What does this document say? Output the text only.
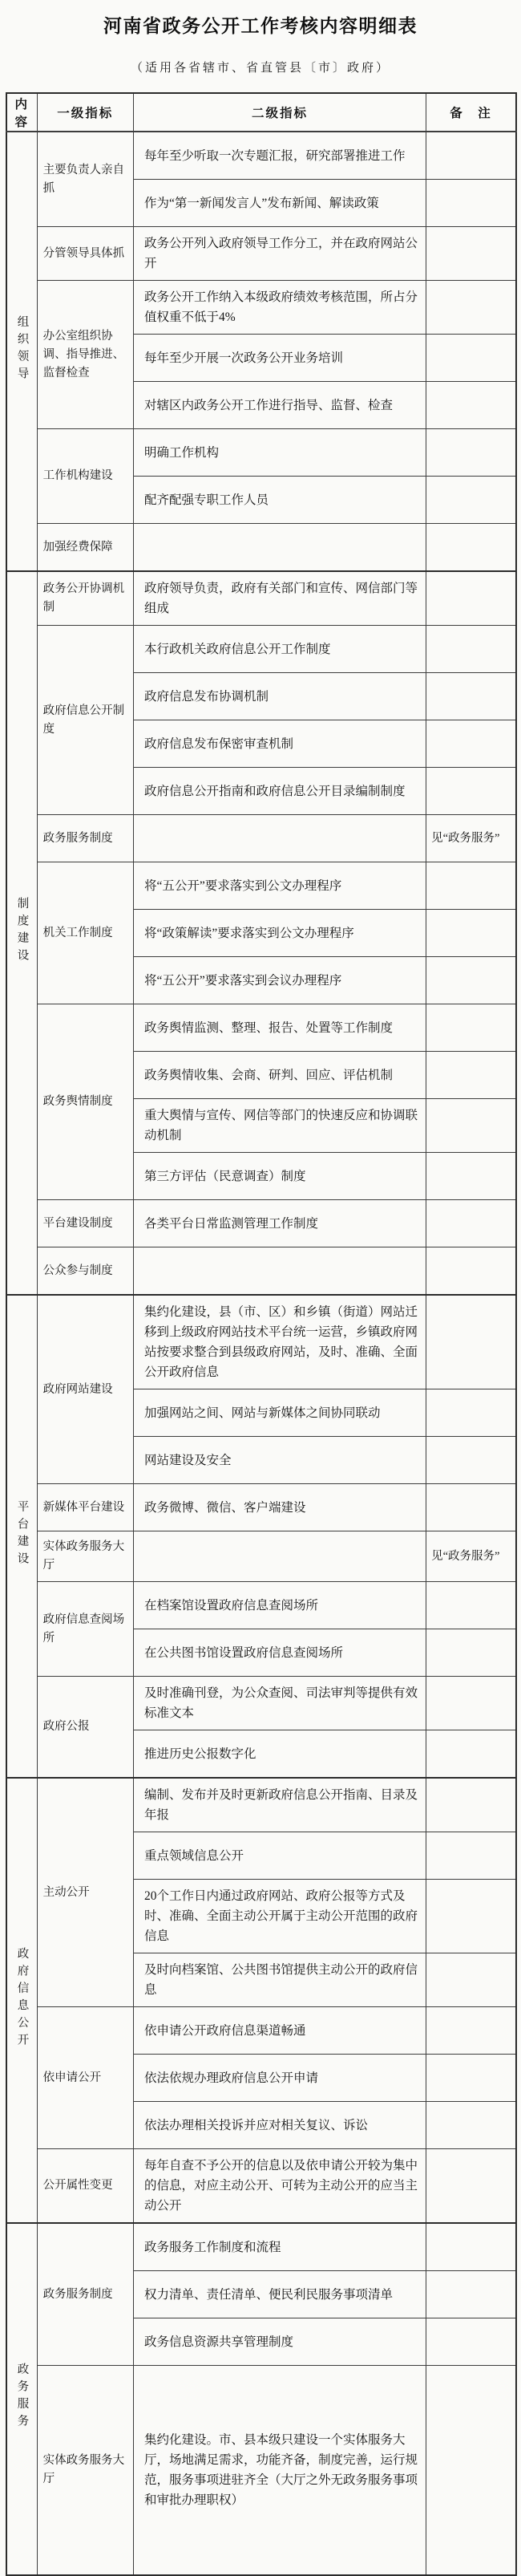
河南省政务公开工作考核内容明细表
（适用各省辖市、省直管县〔市〕政府）
内容	一级指标	二级指标	备　注
组织领导	主要负责人亲自抓	每年至少听取一次专题汇报，研究部署推进工作	
		作为“第一新闻发言人”发布新闻、解读政策	
	分管领导具体抓	政务公开列入政府领导工作分工，并在政府网站公开	
	办公室组织协调、指导推进、监督检查	政务公开工作纳入本级政府绩效考核范围，所占分值权重不低于4%	
		每年至少开展一次政务公开业务培训	
		对辖区内政务公开工作进行指导、监督、检查	
	工作机构建设	明确工作机构	
		配齐配强专职工作人员	
	加强经费保障		
制度建设	政务公开协调机制	政府领导负责，政府有关部门和宣传、网信部门等组成	
	政府信息公开制度	本行政机关政府信息公开工作制度	
		政府信息发布协调机制	
		政府信息发布保密审查机制	
		政府信息公开指南和政府信息公开目录编制制度	
	政务服务制度		见“政务服务”
	机关工作制度	将“五公开”要求落实到公文办理程序	
		将“政策解读”要求落实到公文办理程序	
		将“五公开”要求落实到会议办理程序	
	政务舆情制度	政务舆情监测、整理、报告、处置等工作制度	
		政务舆情收集、会商、研判、回应、评估机制	
		重大舆情与宣传、网信等部门的快速反应和协调联动机制	
		第三方评估（民意调查）制度	
	平台建设制度	各类平台日常监测管理工作制度	
	公众参与制度		
平台建设	政府网站建设	集约化建设，县（市、区）和乡镇（街道）网站迁移到上级政府网站技术平台统一运营，乡镇政府网站按要求整合到县级政府网站，及时、准确、全面公开政府信息	
		加强网站之间、网站与新媒体之间协同联动	
		网站建设及安全	
	新媒体平台建设	政务微博、微信、客户端建设	
	实体政务服务大厅		见“政务服务”
	政府信息查阅场所	在档案馆设置政府信息查阅场所	
		在公共图书馆设置政府信息查阅场所	
	政府公报	及时准确刊登，为公众查阅、司法审判等提供有效标准文本	
		推进历史公报数字化	
政府信息公开	主动公开	编制、发布并及时更新政府信息公开指南、目录及年报	
		重点领域信息公开	
		20个工作日内通过政府网站、政府公报等方式及时、准确、全面主动公开属于主动公开范围的政府信息	
		及时向档案馆、公共图书馆提供主动公开的政府信息	
	依申请公开	依申请公开政府信息渠道畅通	
		依法依规办理政府信息公开申请	
		依法办理相关投诉并应对相关复议、诉讼	
	公开属性变更	每年自查不予公开的信息以及依申请公开较为集中的信息，对应主动公开、可转为主动公开的应当主动公开	
政务服务	政务服务制度	政务服务工作制度和流程	
		权力清单、责任清单、便民利民服务事项清单	
		政务信息资源共享管理制度	
	实体政务服务大厅	集约化建设。市、县本级只建设一个实体服务大厅，场地满足需求，功能齐备，制度完善，运行规范，服务事项进驻齐全（大厅之外无政务服务事项和审批办理职权）	
